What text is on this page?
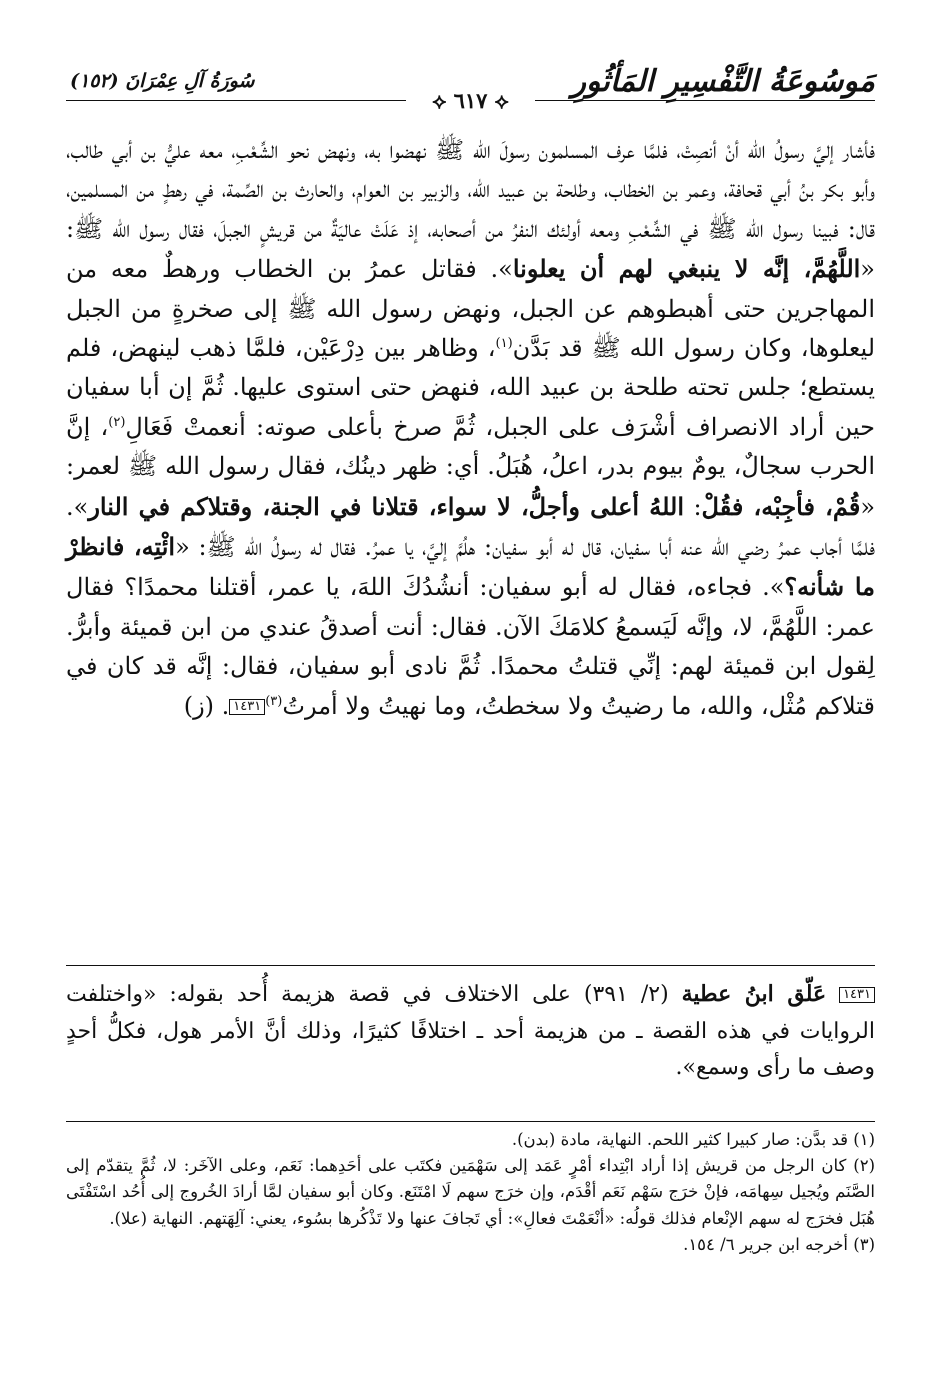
مَوسُوعَةُ التَّفْسِيرِ المَأثُورِ
⟡ ٦١٧ ⟡
سُورَةُ آلِ عِمْرَانَ (١٥٢)

فأشار إليَّ رسولُ الله أنْ أنصِتْ، فلمَّا عرف المسلمون رسولَ الله ﷺ نهضوا به، ونهض نحو الشِّعْبِ، معه عليُّ بن أبي طالب، وأبو بكر بنُ أبي قحافة، وعمر بن الخطاب، وطلحة بن عبيد الله، والزبير بن العوام، والحارث بن الصِّمة، في رهطٍ من المسلمين، قال: فبينا رسول الله ﷺ في الشِّعْبِ ومعه أولئك النفرُ من أصحابه، إذ عَلَتْ عاليَةٌ من قريشٍ الجبلَ، فقال رسول الله ﷺ: «اللَّهُمَّ، إنَّه لا ينبغي لهم أن يعلونا». فقاتل عمرُ بن الخطاب ورهطٌ معه من المهاجرين حتى أهبطوهم عن الجبل، ونهض رسول الله ﷺ إلى صخرةٍ من الجبل ليعلوها، وكان رسول الله ﷺ قد بَدَّن$^{(١)}$، وظاهر بين دِرْعَيْن، فلمَّا ذهب لينهض، فلم يستطع؛ جلس تحته طلحة بن عبيد الله، فنهض حتى استوى عليها. ثُمَّ إن أبا سفيان حين أراد الانصراف أشْرَف على الجبل، ثُمَّ صرخ بأعلى صوته: أنعمتْ فَعَالِ$^{(٢)}$، إنَّ الحرب سجالٌ، يومٌ بيوم بدر، اعلُ، هُبَلُ. أي: ظهر دينُك، فقال رسول الله ﷺ لعمر: «قُمْ، فأجِبْه، فقُلْ: اللهُ أعلى وأجلُّ، لا سواء، قتلانا في الجنة، وقتلاكم في النار». فلمَّا أجاب عمرُ رضي الله عنه أبا سفيان، قال له أبو سفيان: هلُمَّ إليَّ، يا عمرُ. فقال له رسولُ الله ﷺ: «ائْتِه، فانظرْ ما شأنه؟». فجاءه، فقال له أبو سفيان: أنشُدُكَ اللهَ، يا عمر، أقتلنا محمدًا؟ فقال عمر: اللَّهُمَّ، لا، وإنَّه لَيَسمعُ كلامَكَ الآن. فقال: أنت أصدقُ عندي من ابن قميئة وأبرُّ. لِقول ابن قميئة لهم: إنِّي قتلتُ محمدًا. ثُمَّ نادى أبو سفيان، فقال: إنَّه قد كان في قتلاكم مُثْل، والله، ما رضيتُ ولا سخطتُ، وما نهيتُ ولا أمرتُ$^{(٣)}$١٤٣١. (ز)

١٤٣١ عَلّق ابنُ عطية (٢/ ٣٩١) على الاختلاف في قصة هزيمة أُحد بقوله: «واختلفت الروايات في هذه القصة ـ من هزيمة أحد ـ اختلافًا كثيرًا، وذلك أنَّ الأمر هول، فكلُّ أحدٍ وصف ما رأى وسمع».

(١) قد بدَّن: صار كبيرا كثير اللحم. النهاية، مادة (بدن).

(٢) كان الرجل من قريش إذا أراد ابْتِداء أمْرٍ عَمَد إلى سَهْمَين فكتَب على أحَدِهما: نَعَم، وعلى الآخَر: لا، ثُمَّ يتقدّم إلى الصَّنَم ويُجيل سِهامَه، فإنْ خرَج سَهْم نَعَم أقْدَم، وإن خرَج سهم لَا امْتَنَع. وكان أبو سفيان لمَّا أرادَ الخُروج إلى أُحُد اسْتَفْتَى هُبَل فخرَج له سهم الإنْعام فذلك قولُه: «أنْعَمْتَ فعالِ»: أي تَجافَ عنها ولا تَذْكُرها بسُوء، يعني: آلِهَتهم. النهاية (علا).

(٣) أخرجه ابن جرير ٦/ ١٥٤.
